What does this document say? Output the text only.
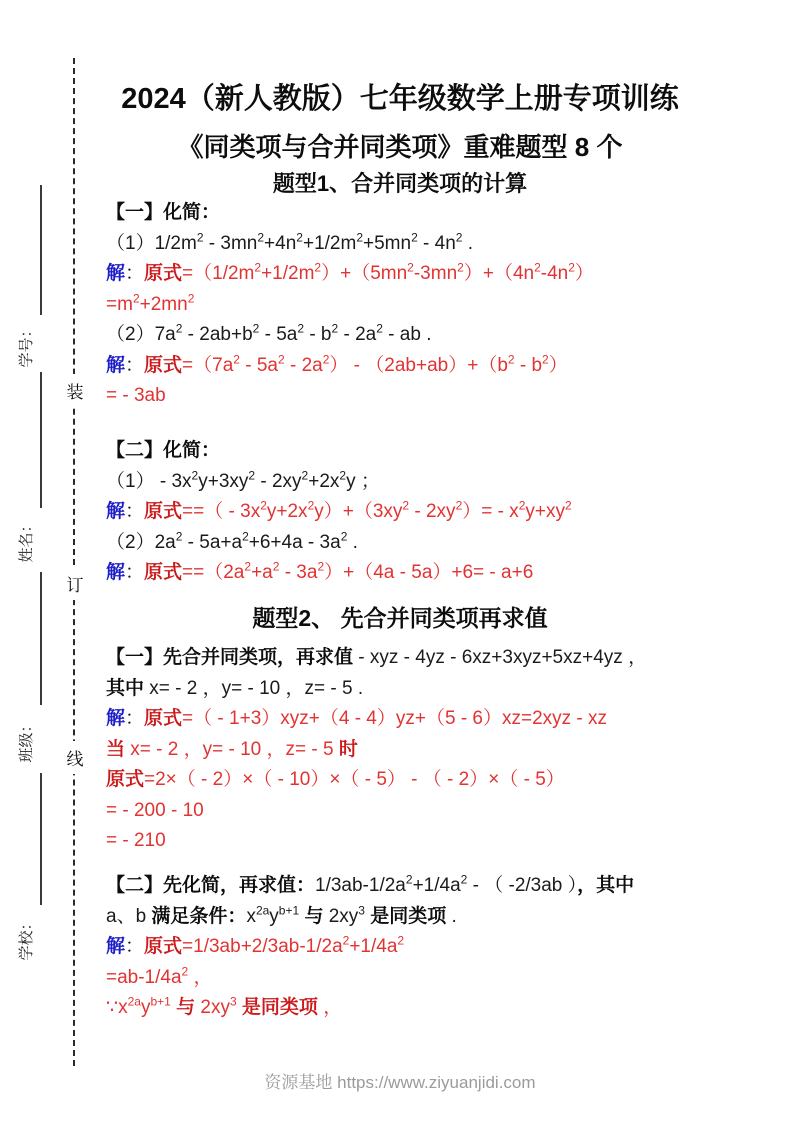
学号：
姓名：
班级：
学校：
装
订
线
2024（新人教版）七年级数学上册专项训练
《同类项与合并同类项》重难题型 8 个
题型1、合并同类项的计算
题型2、 先合并同类项再求值
【一】化简：
$(1)1/2m^2 - 3mn^2+4n^2+1/2m^2+5mn^2 - 4n^2$ .
解：原式$=(1/2m^2+1/2m^2)+(5mn^2-3mn^2)+(4n^2-4n^2)$
$=m^2+2mn^2$
$(2)7a^2 - 2ab+b^2 - 5a^2 - b^2 - 2a^2$ - ab .
解：原式$=(7a^2 - 5a^2 - 2a^2) - (2ab+ab)+(b^2 - b^2)$
= - 3ab
【二】化简：
$(1) - 3x^2y+3xy^2 - 2xy^2+2x^2y$ ；
解：原式==（ - $3x^2y+2x^2y)+(3xy^2 - 2xy^2)= - x^2y+xy^2$
$(2)2a^2 - 5a+a^2+6+4a - 3a^2$ .
解：原式$==(2a^2+a^2 - 3a^2)+(4a - 5a)+6= - a+6$
【一】先合并同类项，再求值 - xyz - 4yz - 6xz+3xyz+5xz+4yz ，
其中 x= - 2 ，y= - 10 ，z= - 5 .
解：原式=（ - 1+3）xyz+（4 - 4）yz+（5 - 6）xz=2xyz - xz
当 x= - 2 ，y= - 10 ，z= - 5 时
原式=2×（ - 2）×（ - 10）×（ - 5） - （ - 2）×（ - 5）
= - 200 - 10
= - 210
【二】先化简，再求值：$1/3ab-1/2a^2+1/4a^2$ - （ -2/3ab ），其中
a、b 满足条件：$x^{2a}y^{b+1}$ 与 $2xy^3$ 是同类项 .
解：原式$=1/3ab+2/3ab-1/2a^2+1/4a^2$
$=ab-1/4a^2$ ，
$\because x^{2a}y^{b+1}$ 与 $2xy^3$ 是同类项 ，
资源基地 https://www.ziyuanjidi.com
